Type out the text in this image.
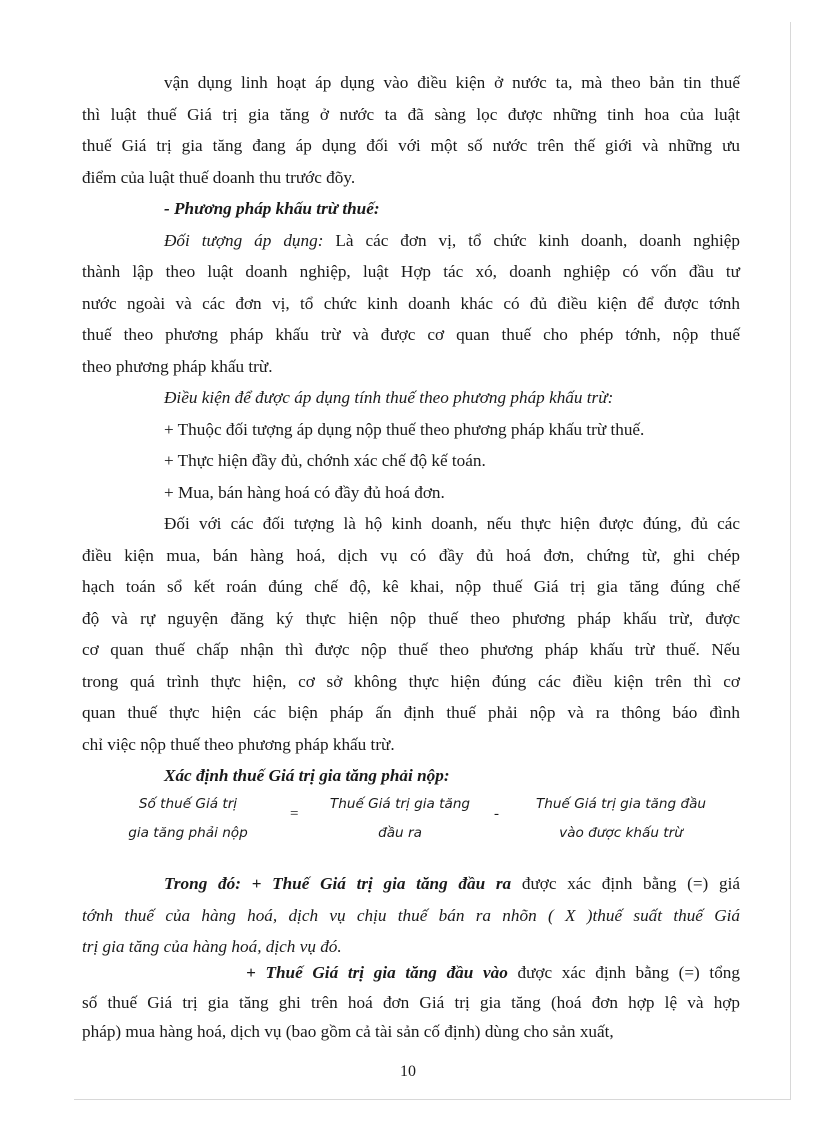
vận dụng linh hoạt áp dụng vào điều kiện ở nước ta, mà theo bản tin thuế
thì luật thuế Giá trị gia tăng ở nước ta đã sàng lọc được những tinh hoa của luật
thuế Giá trị gia tăng đang áp dụng đối với một số nước trên thế giới và những ưu
điểm của luật thuế doanh thu trước đõy.
- Phương pháp khấu trừ thuế:
Đối tượng áp dụng: Là các đơn vị, tổ chức kinh doanh, doanh nghiệp
thành lập theo luật doanh nghiệp, luật Hợp tác xó, doanh nghiệp có vốn đầu tư
nước ngoài và các đơn vị, tổ chức kinh doanh khác có đủ điều kiện để được tớnh
thuế theo phương pháp khấu trừ và được cơ quan thuế cho phép tớnh, nộp thuế
theo phương pháp khấu trừ.
Điều kiện để được áp dụng tính thuế theo phương pháp khấu trừ:
+ Thuộc đối tượng áp dụng nộp thuế theo phương pháp khấu trừ thuế.
+ Thực hiện đầy đủ, chớnh xác chế độ kế toán.
+ Mua, bán hàng hoá có đầy đủ hoá đơn.
Đối với các đối tượng là hộ kinh doanh, nếu thực hiện được đúng, đủ các
điều kiện mua, bán hàng hoá, dịch vụ có đầy đủ hoá đơn, chứng từ, ghi chép
hạch toán sổ kết roán đúng chế độ, kê khai, nộp thuế Giá trị gia tăng đúng chế
độ và rự nguyện đăng ký thực hiện nộp thuế theo phương pháp khấu trừ, được
cơ quan thuế chấp nhận thì được nộp thuế theo phương pháp khấu trừ thuế. Nếu
trong quá trình thực hiện, cơ sở không thực hiện đúng các điều kiện trên thì cơ
quan thuế thực hiện các biện pháp ấn định thuế phải nộp và ra thông báo đình
chỉ việc nộp thuế theo phương pháp khấu trừ.
Xác định thuế Giá trị gia tăng phải nộp:
Số thuế Giá trị
gia tăng phải nộp
=
Thuế Giá trị gia tăng
đầu ra
-
Thuế Giá trị gia tăng đầu
vào được khấu trừ
Trong đó: + Thuế Giá trị gia tăng đầu ra được xác định bằng (=) giá
tớnh thuế của hàng hoá, dịch vụ chịu thuế bán ra nhõn ( X )thuế suất thuế Giá
trị gia tăng của hàng hoá, dịch vụ đó.
+ Thuế Giá trị gia tăng đầu vào được xác định bằng (=) tổng
số thuế Giá trị gia tăng ghi trên hoá đơn Giá trị gia tăng (hoá đơn hợp lệ và hợp
pháp) mua hàng hoá, dịch vụ (bao gồm cả tài sản cố định) dùng cho sản xuất,
10
